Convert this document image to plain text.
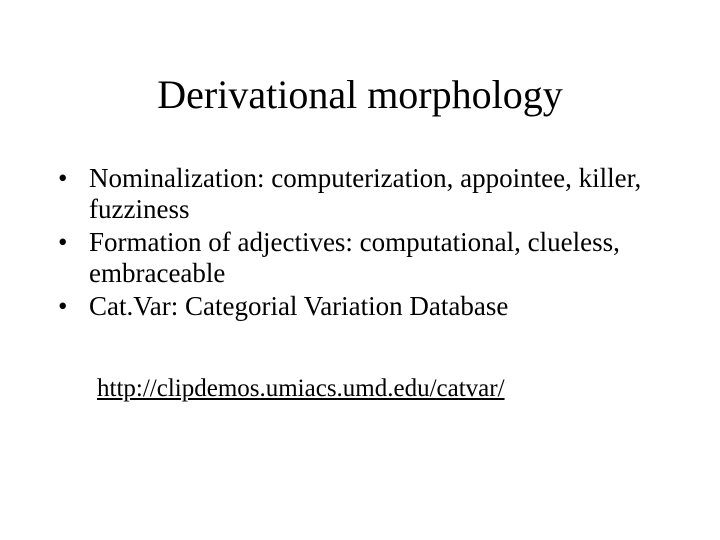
Derivational morphology
• Nominalization: computerization, appointee, killer, fuzziness
• Formation of adjectives: computational, clueless, embraceable
• Cat.Var: Categorial Variation Database
http://clipdemos.umiacs.umd.edu/catvar/
